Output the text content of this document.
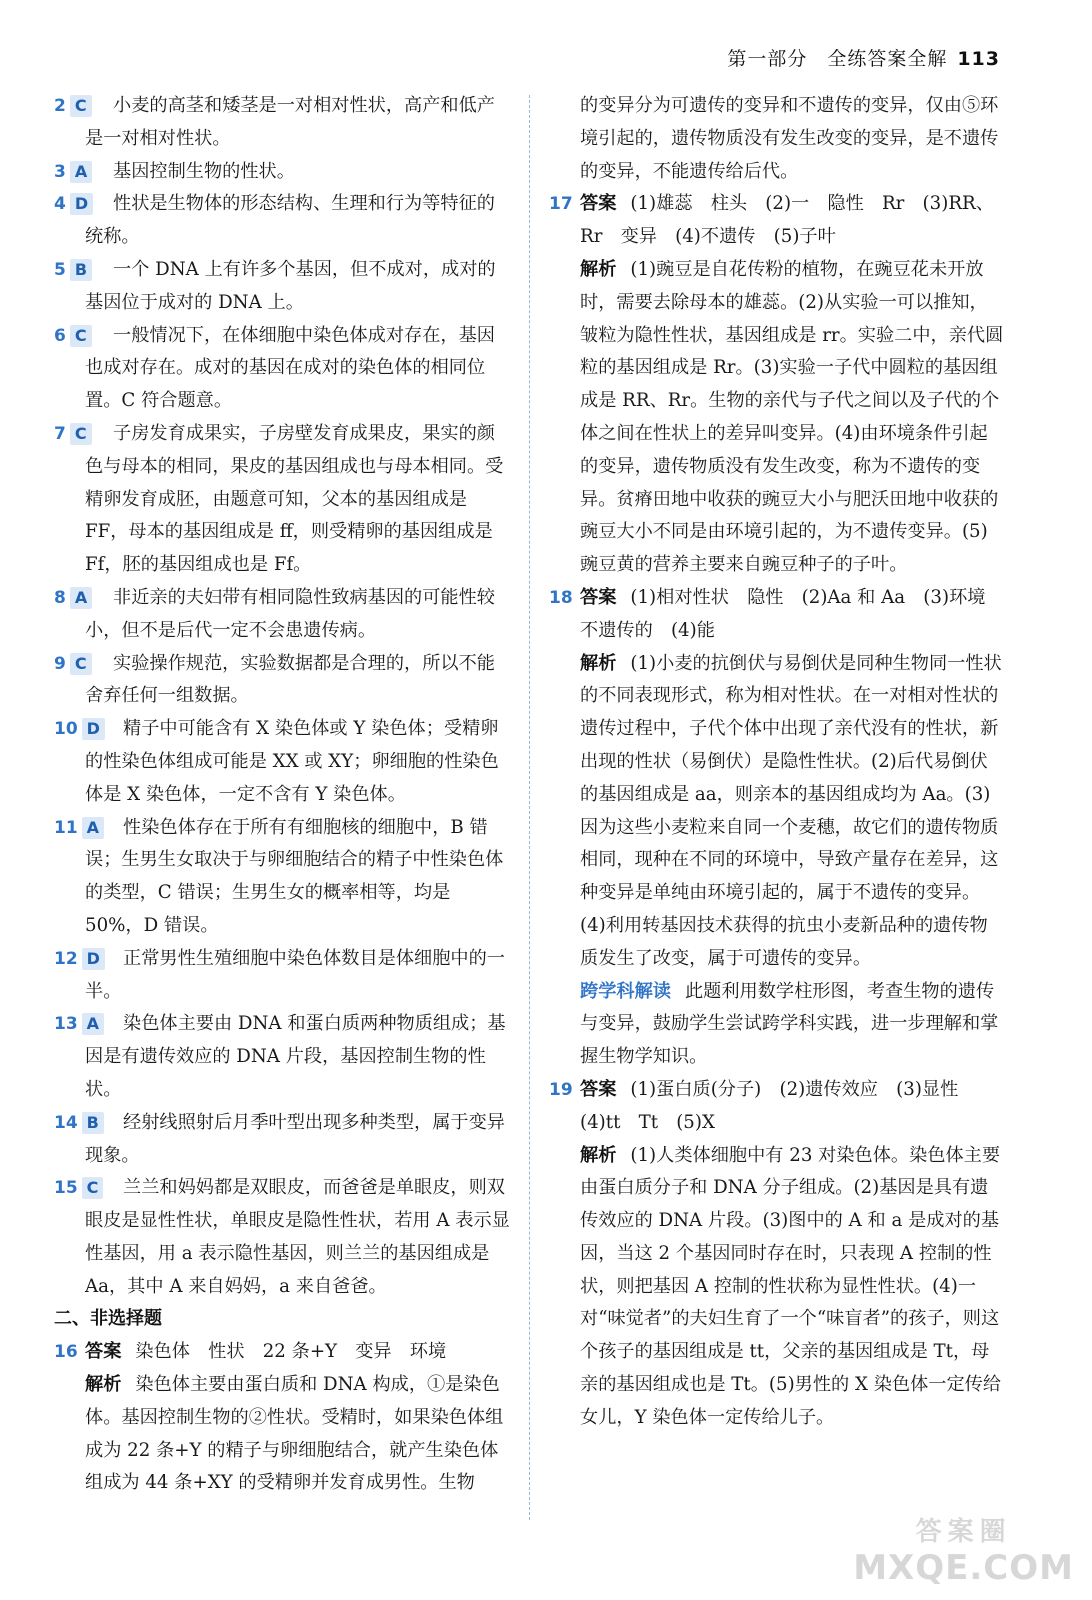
第一部分　全练答案全解 113
2 C 小麦的高茎和矮茎是一对相对性状，高产和低产是一对相对性状。
3 A 基因控制生物的性状。
4 D 性状是生物体的形态结构、生理和行为等特征的统称。
5 B 一个 DNA 上有许多个基因，但不成对，成对的基因位于成对的 DNA 上。
6 C 一般情况下，在体细胞中染色体成对存在，基因也成对存在。成对的基因在成对的染色体的相同位置。C 符合题意。
7 C 子房发育成果实，子房壁发育成果皮，果实的颜色与母本的相同，果皮的基因组成也与母本相同。受精卵发育成胚，由题意可知，父本的基因组成是 FF，母本的基因组成是 ff，则受精卵的基因组成是 Ff，胚的基因组成也是 Ff。
8 A 非近亲的夫妇带有相同隐性致病基因的可能性较小，但不是后代一定不会患遗传病。
9 C 实验操作规范，实验数据都是合理的，所以不能舍弃任何一组数据。
10 D 精子中可能含有 X 染色体或 Y 染色体；受精卵的性染色体组成可能是 XX 或 XY；卵细胞的性染色体是 X 染色体，一定不含有 Y 染色体。
11 A 性染色体存在于所有有细胞核的细胞中，B 错误；生男生女取决于与卵细胞结合的精子中性染色体的类型，C 错误；生男生女的概率相等，均是 50%，D 错误。
12 D 正常男性生殖细胞中染色体数目是体细胞中的一半。
13 A 染色体主要由 DNA 和蛋白质两种物质组成；基因是有遗传效应的 DNA 片段，基因控制生物的性状。
14 B 经射线照射后月季叶型出现多种类型，属于变异现象。
15 C 兰兰和妈妈都是双眼皮，而爸爸是单眼皮，则双眼皮是显性性状，单眼皮是隐性性状，若用 A 表示显性基因，用 a 表示隐性基因，则兰兰的基因组成是 Aa，其中 A 来自妈妈，a 来自爸爸。
二、非选择题
16 答案 染色体　性状　22 条+Y　变异　环境
解析 染色体主要由蛋白质和 DNA 构成，①是染色体。基因控制生物的②性状。受精时，如果染色体组成为 22 条+Y 的精子与卵细胞结合，就产生染色体组成为 44 条+XY 的受精卵并发育成男性。生物
的变异分为可遗传的变异和不遗传的变异，仅由⑤环境引起的，遗传物质没有发生改变的变异，是不遗传的变异，不能遗传给后代。
17 答案 (1)雄蕊　柱头　(2)一　隐性　Rr　(3)RR、Rr　变异　(4)不遗传　(5)子叶
解析 (1)豌豆是自花传粉的植物，在豌豆花未开放时，需要去除母本的雄蕊。(2)从实验一可以推知，皱粒为隐性性状，基因组成是 rr。实验二中，亲代圆粒的基因组成是 Rr。(3)实验一子代中圆粒的基因组成是 RR、Rr。生物的亲代与子代之间以及子代的个体之间在性状上的差异叫变异。(4)由环境条件引起的变异，遗传物质没有发生改变，称为不遗传的变异。贫瘠田地中收获的豌豆大小与肥沃田地中收获的豌豆大小不同是由环境引起的，为不遗传变异。(5)豌豆黄的营养主要来自豌豆种子的子叶。
18 答案 (1)相对性状　隐性　(2)Aa 和 Aa　(3)环境　不遗传的　(4)能
解析 (1)小麦的抗倒伏与易倒伏是同种生物同一性状的不同表现形式，称为相对性状。在一对相对性状的遗传过程中，子代个体中出现了亲代没有的性状，新出现的性状（易倒伏）是隐性性状。(2)后代易倒伏的基因组成是 aa，则亲本的基因组成均为 Aa。(3)因为这些小麦粒来自同一个麦穗，故它们的遗传物质相同，现种在不同的环境中，导致产量存在差异，这种变异是单纯由环境引起的，属于不遗传的变异。(4)利用转基因技术获得的抗虫小麦新品种的遗传物质发生了改变，属于可遗传的变异。
跨学科解读 此题利用数学柱形图，考查生物的遗传与变异，鼓励学生尝试跨学科实践，进一步理解和掌握生物学知识。
19 答案 (1)蛋白质(分子)　(2)遗传效应　(3)显性　(4)tt　Tt　(5)X
解析 (1)人类体细胞中有 23 对染色体。染色体主要由蛋白质分子和 DNA 分子组成。(2)基因是具有遗传效应的 DNA 片段。(3)图中的 A 和 a 是成对的基因，当这 2 个基因同时存在时，只表现 A 控制的性状，则把基因 A 控制的性状称为显性性状。(4)一对“味觉者”的夫妇生育了一个“味盲者”的孩子，则这个孩子的基因组成是 tt，父亲的基因组成是 Tt，母亲的基因组成也是 Tt。(5)男性的 X 染色体一定传给女儿，Y 染色体一定传给儿子。
答案圈
MXQE.COM
